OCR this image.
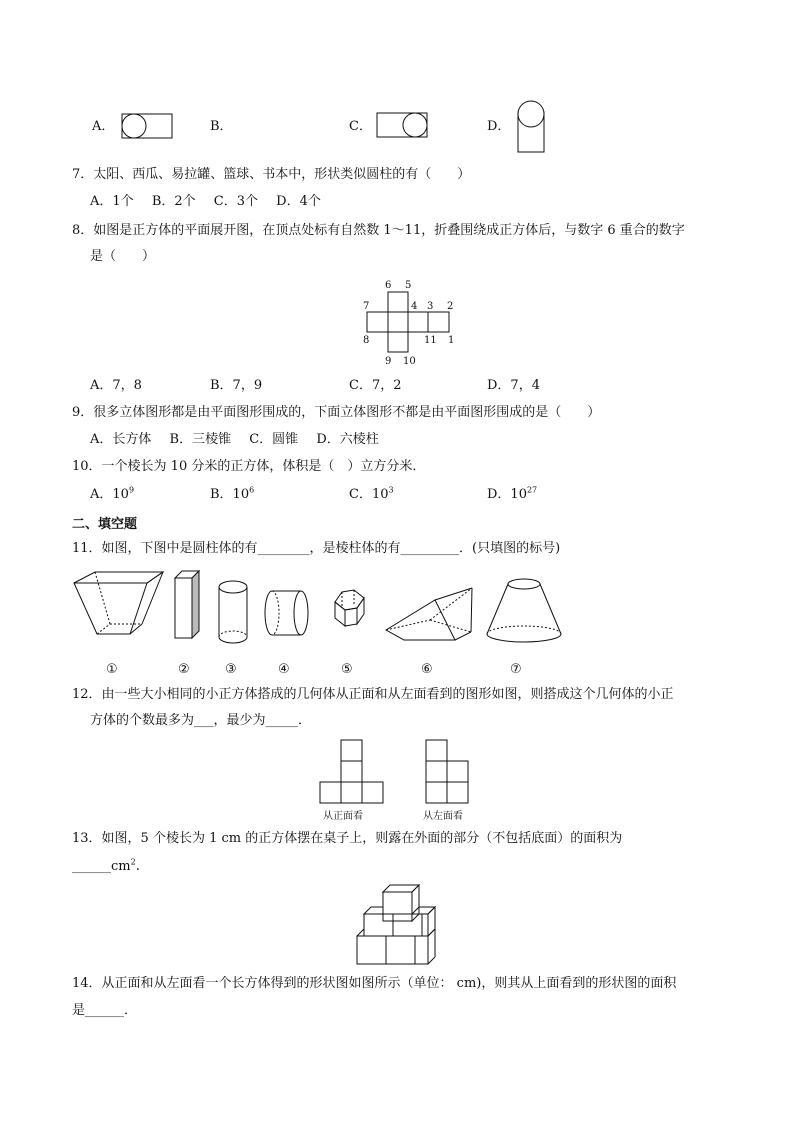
A．	B．	C．	D．
7．太阳、西瓜、易拉罐、篮球、书本中，形状类似圆柱的有（　　）
A．1个 B．2个 C．3个 D．4个
8．如图是正方体的平面展开图，在顶点处标有自然数 1～11，折叠围绕成正方体后，与数字 6 重合的数字
是（　　）
6 5
7	4 3 2
8	11 1
9 10
A．7，8	B．7，9	C．7，2	D．7，4
9．很多立体图形都是由平面图形围成的，下面立体图形不都是由平面图形围成的是（　　）
A．长方体 B．三棱锥 C．圆锥 D．六棱柱
10．一个棱长为 10 分米的正方体，体积是（　）立方分米．
A．$10^9$	B．$10^6$	C．$10^3$	D．$10^{27}$
二、填空题
11．如图，下图中是圆柱体的有________，是棱柱体的有_________．(只填图的标号)
①	②	③	④	⑤	⑥	⑦
12．由一些大小相同的小正方体搭成的几何体从正面和从左面看到的图形如图，则搭成这个几何体的小正
方体的个数最多为___，最少为_____．
从正面看	从左面看
13．如图，5 个棱长为 1 cm 的正方体摆在桌子上，则露在外面的部分（不包括底面）的面积为
$\_\_\_\_\_\_cm^2$.
14．从正面和从左面看一个长方体得到的形状图如图所示（单位： cm)，则其从上面看到的形状图的面积
是______．
